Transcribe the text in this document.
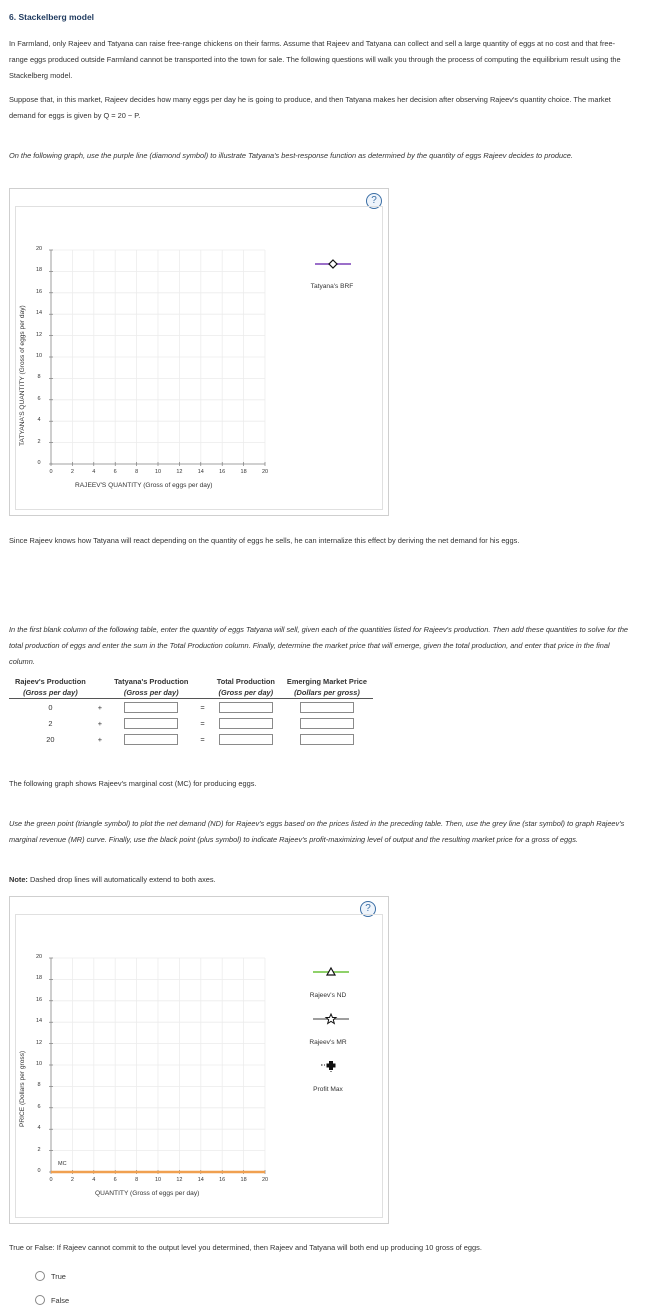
6. Stackelberg model
In Farmland, only Rajeev and Tatyana can raise free-range chickens on their farms. Assume that Rajeev and Tatyana can collect and sell a large quantity of eggs at no cost and that free-range eggs produced outside Farmland cannot be transported into the town for sale. The following questions will walk you through the process of computing the equilibrium result using the Stackelberg model.
Suppose that, in this market, Rajeev decides how many eggs per day he is going to produce, and then Tatyana makes her decision after observing Rajeev's quantity choice. The market demand for eggs is given by Q = 20 − P.
On the following graph, use the purple line (diamond symbol) to illustrate Tatyana's best-response function as determined by the quantity of eggs Rajeev decides to produce.
?
TATYANA'S QUANTITY (Gross of eggs per day)
0
2
4
6
8
10
12
14
16
18
20
0	2	4	6	8	10	12	14	16	18	20
RAJEEV'S QUANTITY (Gross of eggs per day)
Tatyana's BRF
Since Rajeev knows how Tatyana will react depending on the quantity of eggs he sells, he can internalize this effect by deriving the net demand for his eggs.
In the first blank column of the following table, enter the quantity of eggs Tatyana will sell, given each of the quantities listed for Rajeev's production. Then add these quantities to solve for the total production of eggs and enter the sum in the Total Production column. Finally, determine the market price that will emerge, given the total production, and enter that price in the final column.
Rajeev's Production		Tatyana's Production		Total Production	Emerging Market Price
(Gross per day)		(Gross per day)		(Gross per day)	(Dollars per gross)
0	+		=		
2	+		=		
20	+		=		
The following graph shows Rajeev's marginal cost (MC) for producing eggs.
Use the green point (triangle symbol) to plot the net demand (ND) for Rajeev's eggs based on the prices listed in the preceding table. Then, use the grey line (star symbol) to graph Rajeev's marginal revenue (MR) curve. Finally, use the black point (plus symbol) to indicate Rajeev's profit-maximizing level of output and the resulting market price for a gross of eggs.
Note: Dashed drop lines will automatically extend to both axes.
?
PRICE (Dollars per gross)
0
2
4
6
8
10
12
14
16
18
20
0	2	4	6	8	10	12	14	16	18	20
MC
QUANTITY (Gross of eggs per day)
Rajeev's ND
Rajeev's MR
Profit Max
True or False: If Rajeev cannot commit to the output level you determined, then Rajeev and Tatyana will both end up producing 10 gross of eggs.
True
False
